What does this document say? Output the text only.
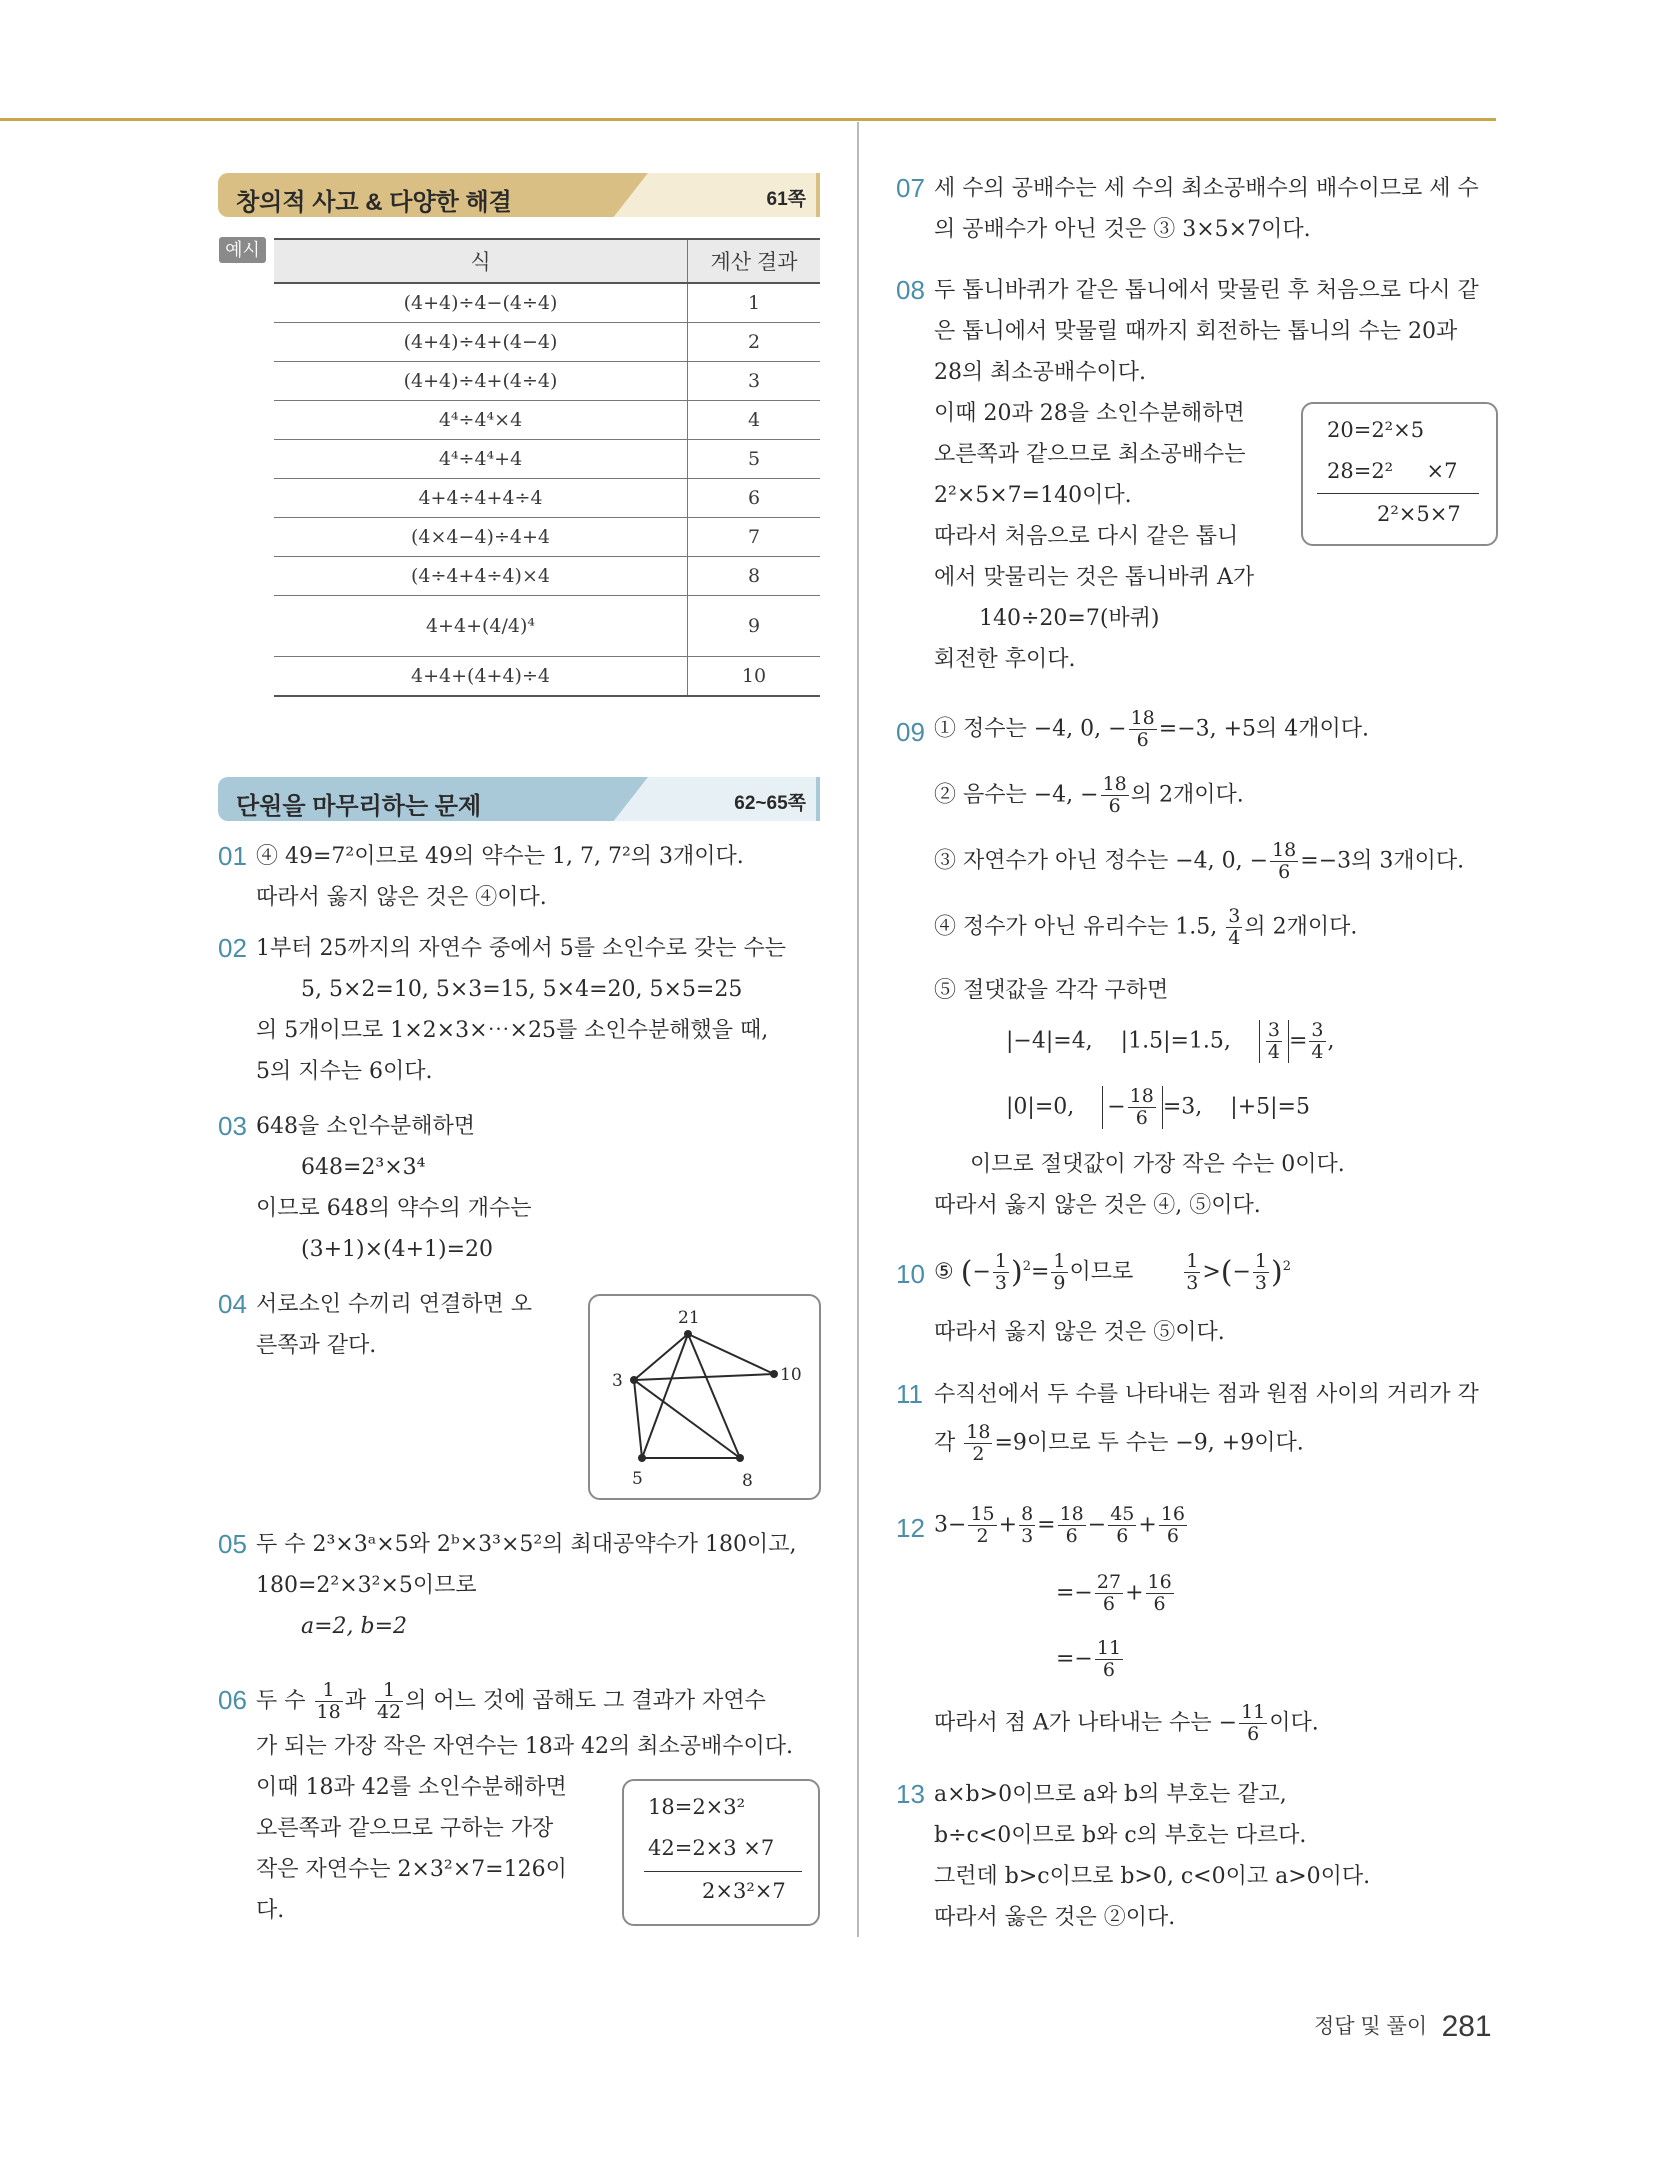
창의적 사고 & 다양한 해결	61쪽
예시
식	계산 결과
(4+4)÷4−(4÷4)	1
(4+4)÷4+(4−4)	2
(4+4)÷4+(4÷4)	3
4⁴÷4⁴×4	4
4⁴÷4⁴+4	5
4+4÷4+4÷4	6
(4×4−4)÷4+4	7
(4÷4+4÷4)×4	8
4+4+(4/4)⁴	9
4+4+(4+4)÷4	10
단원을 마무리하는 문제	62~65쪽
01 ④ 49=7²이므로 49의 약수는 1, 7, 7²의 3개이다.
따라서 옳지 않은 것은 ④이다.
02 1부터 25까지의 자연수 중에서 5를 소인수로 갖는 수는
5, 5×2=10, 5×3=15, 5×4=20, 5×5=25
의 5개이므로 1×2×3×⋯×25를 소인수분해했을 때,
5의 지수는 6이다.
03 648을 소인수분해하면
648=2³×3⁴
이므로 648의 약수의 개수는
(3+1)×(4+1)=20
04 서로소인 수끼리 연결하면 오
른쪽과 같다.
21
3	10
5	8
05 두 수 2³×3ᵃ×5와 2ᵇ×3³×5²의 최대공약수가 180이고,
180=2²×3²×5이므로
a=2, b=2
06 두 수 $\frac{1}{18}$ 과 $\frac{1}{42}$ 의 어느 것에 곱해도 그 결과가 자연수
가 되는 가장 작은 자연수는 18과 42의 최소공배수이다.
이때 18과 42를 소인수분해하면
오른쪽과 같으므로 구하는 가장
작은 자연수는 2×3²×7=126이
다.
18=2×3²
42=2×3 ×7
2×3²×7
07 세 수의 공배수는 세 수의 최소공배수의 배수이므로 세 수
의 공배수가 아닌 것은 ③ 3×5×7이다.
08 두 톱니바퀴가 같은 톱니에서 맞물린 후 처음으로 다시 같
은 톱니에서 맞물릴 때까지 회전하는 톱니의 수는 20과
28의 최소공배수이다.
이때 20과 28을 소인수분해하면
오른쪽과 같으므로 최소공배수는
2²×5×7=140이다.
따라서 처음으로 다시 같은 톱니
에서 맞물리는 것은 톱니바퀴 A가
140÷20=7(바퀴)
회전한 후이다.
20=2²×5
28=2²     ×7
2²×5×7
09 ① 정수는 −4, 0, − $\frac{18}{6} =-3$, +5의 4개이다.
② 음수는 −4, − $\frac{18}{6}$ 의 2개이다.
③ 자연수가 아닌 정수는 −4, 0, − $\frac{18}{6} =-3$의 3개이다.
④ 정수가 아닌 유리수는 1.5, $\frac{3}{4}$ 의 2개이다.
⑤ 절댓값을 각각 구하면
|−4|=4, |1.5|=1.5, $\frac{3}{4} = \frac{3}{4}$ ,
|0|=0, − $\frac{18}{6} =3$, |+5|=5
이므로 절댓값이 가장 작은 수는 0이다.
따라서 옳지 않은 것은 ④, ⑤이다.
10 ⑤ (− $\frac{1}{3} )^2= \frac{1}{9}$ 이므로	$\frac{1}{3}$ >(− $\frac{1}{3} )^2$
따라서 옳지 않은 것은 ⑤이다.
11 수직선에서 두 수를 나타내는 점과 원점 사이의 거리가 각
각 $\frac{18}{2} =9$이므로 두 수는 −9, +9이다.
12 $3- \frac{15}{2} + \frac{8}{3} = \frac{18}{6} - \frac{45}{6} + \frac{16}{6}$
=− $\frac{27}{6} + \frac{16}{6}$
=− $\frac{11}{6}$
따라서 점 A가 나타내는 수는 − $\frac{11}{6}$ 이다.
13 a×b>0이므로 a와 b의 부호는 같고,
b÷c<0이므로 b와 c의 부호는 다르다.
그런데 b>c이므로 b>0, c<0이고 a>0이다.
따라서 옳은 것은 ②이다.
정답 및 풀이 281
